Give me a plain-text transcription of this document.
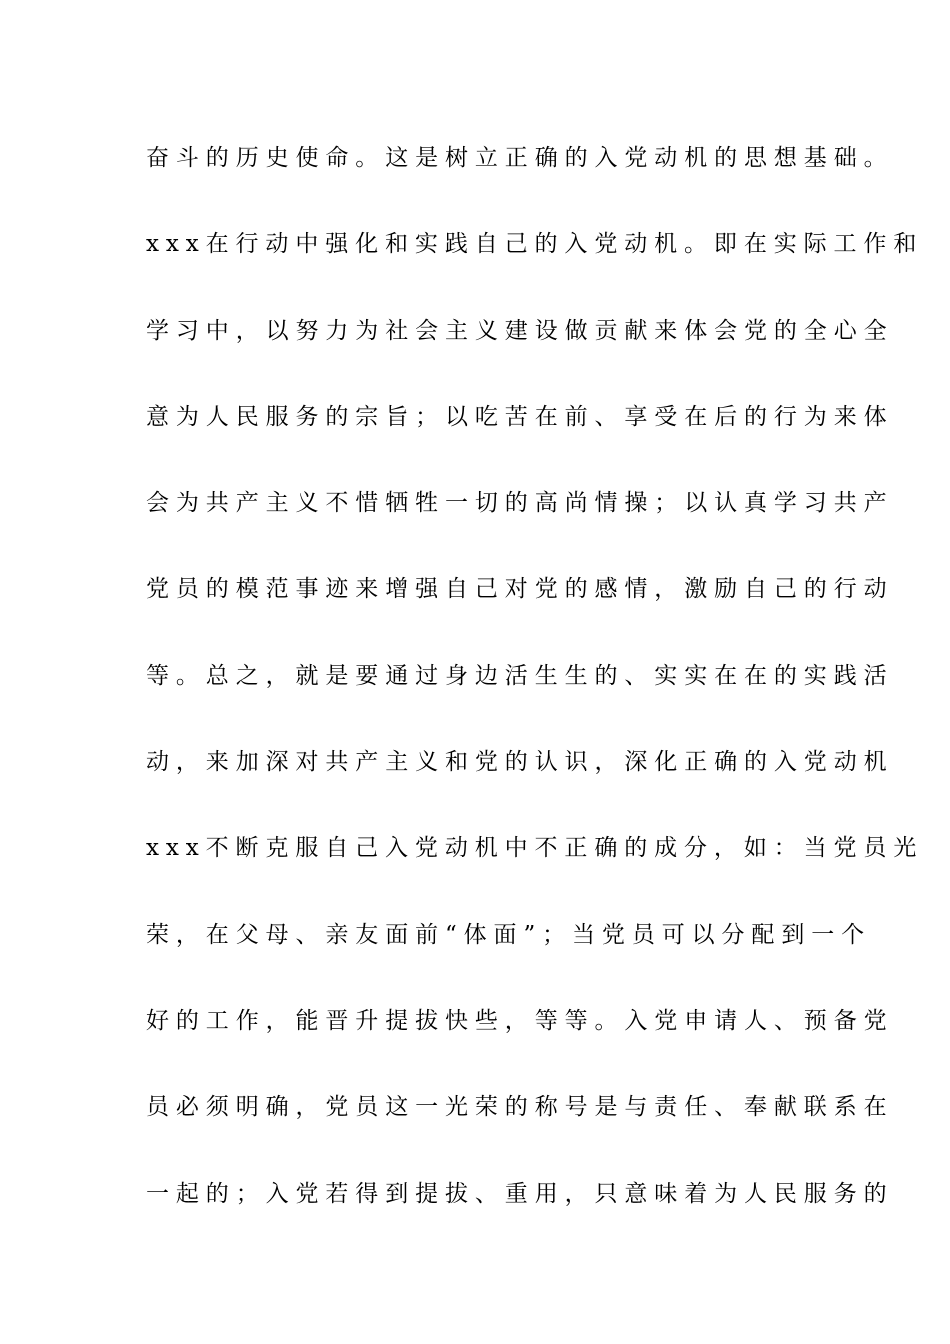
奋斗的历史使命。这是树立正确的入党动机的思想基础。
xxx在行动中强化和实践自己的入党动机。即在实际工作和
学习中，以努力为社会主义建设做贡献来体会党的全心全
意为人民服务的宗旨；以吃苦在前、享受在后的行为来体
会为共产主义不惜牺牲一切的高尚情操；以认真学习共产
党员的模范事迹来增强自己对党的感情，激励自己的行动
等。总之，就是要通过身边活生生的、实实在在的实践活
动，来加深对共产主义和党的认识，深化正确的入党动机
xxx不断克服自己入党动机中不正确的成分，如：当党员光
荣，在父母、亲友面前“体面”；当党员可以分配到一个
好的工作，能晋升提拔快些，等等。入党申请人、预备党
员必须明确，党员这一光荣的称号是与责任、奉献联系在
一起的；入党若得到提拔、重用，只意味着为人民服务的
